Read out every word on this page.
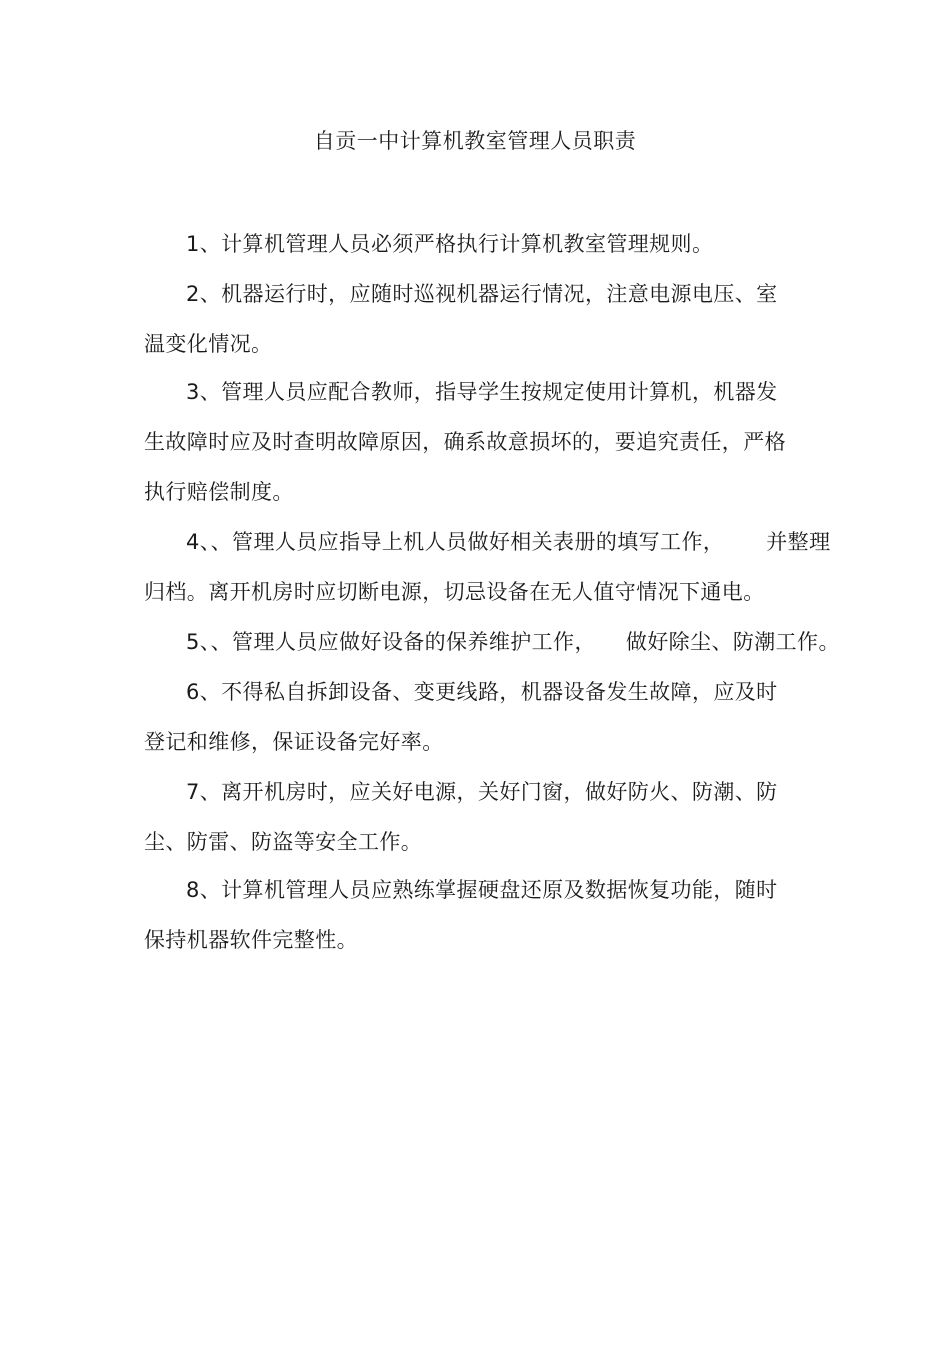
自贡一中计算机教室管理人员职责
1、计算机管理人员必须严格执行计算机教室管理规则。
2、机器运行时，应随时巡视机器运行情况，注意电源电压、室
温变化情况。
3、管理人员应配合教师，指导学生按规定使用计算机，机器发
生故障时应及时查明故障原因，确系故意损坏的，要追究责任，严格
执行赔偿制度。
4、、管理人员应指导上机人员做好相关表册的填写工作， 并整理
归档。离开机房时应切断电源，切忌设备在无人值守情况下通电。
5、、管理人员应做好设备的保养维护工作， 做好除尘、防潮工作。
6、不得私自拆卸设备、变更线路，机器设备发生故障，应及时
登记和维修，保证设备完好率。
7、离开机房时，应关好电源，关好门窗，做好防火、防潮、防
尘、防雷、防盗等安全工作。
8、计算机管理人员应熟练掌握硬盘还原及数据恢复功能，随时
保持机器软件完整性。
